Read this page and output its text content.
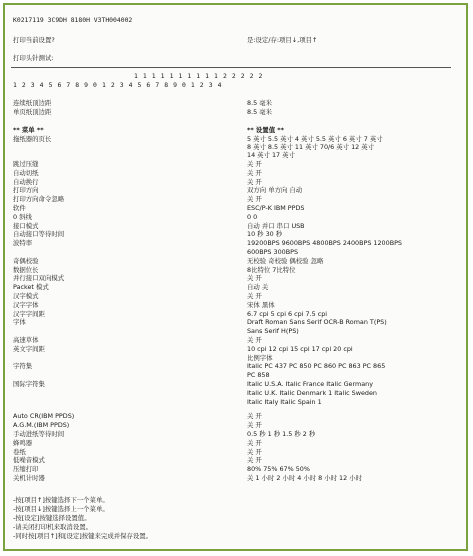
K0217119 3C9DH 8180H V3TH004002
打印当前设置?	是:设定/存:项目↓,项目↑
打印头针测试:
1 1 1 1 1 1 1 1 1 1 2 2 2 2 2
1 2 3 4 5 6 7 8 9 0 1 2 3 4 5 6 7 8 9 0 1 2 3 4
连续纸顶边距	8.5 毫米
单页纸顶边距	8.5 毫米
** 菜单 **	** 设置值 **
拖纸器的页长	5 英寸 5.5 英寸 4 英寸 5.5 英寸 6 英寸 7 英寸
8 英寸 8.5 英寸 11 英寸 70/6 英寸 12 英寸
14 英寸 17 英寸
跳过压缝	关 开
自动切纸	关 开
自动换行	关 开
打印方向	双方向 单方向 自动
打印方向命令忽略	关 开
软件	ESC/P-K IBM PPDS
0 斜线	0 0
接口模式	自动 并口 串口 USB
自动接口等待时间	10 秒 30 秒
波特率	19200BPS 9600BPS 4800BPS 2400BPS 1200BPS
600BPS 300BPS
奇偶校验	无校验 奇校验 偶校验 忽略
数据位长	8比特位 7比特位
并行接口双向模式	关 开
Packet 模式	自动 关
汉字模式	关 开
汉字字体	宋体 黑体
汉字字间距	6.7 cpi 5 cpi 6 cpi 7.5 cpi
字体	Draft Roman Sans Serif OCR-B Roman T(PS)
Sans Serif H(PS)
高速草体	关 开
英文字间距	10 cpi 12 cpi 15 cpi 17 cpi 20 cpi
比例字体
字符集	Italic PC 437 PC 850 PC 860 PC 863 PC 865
PC 858
国际字符集	Italic U.S.A. Italic France Italic Germany
Italic U.K. Italic Denmark 1 Italic Sweden
Italic Italy Italic Spain 1
Auto CR(IBM PPDS)	关 开
A.G.M.(IBM PPDS)	关 开
手动进纸等待时间	0.5 秒 1 秒 1.5 秒 2 秒
蜂鸣器	关 开
卷纸	关 开
低噪音模式	关 开
压缩打印	80% 75% 67% 50%
关机计时器	关 1 小时 2 小时 4 小时 8 小时 12 小时
-按[项目↑]按键选择下一个菜单。
-按[项目↓]按键选择上一个菜单。
-按[设定]按键选择设置值。
-请关闭打印机来取消设置。
-同时按[项目↑]和[设定]按键来完成并保存设置。
